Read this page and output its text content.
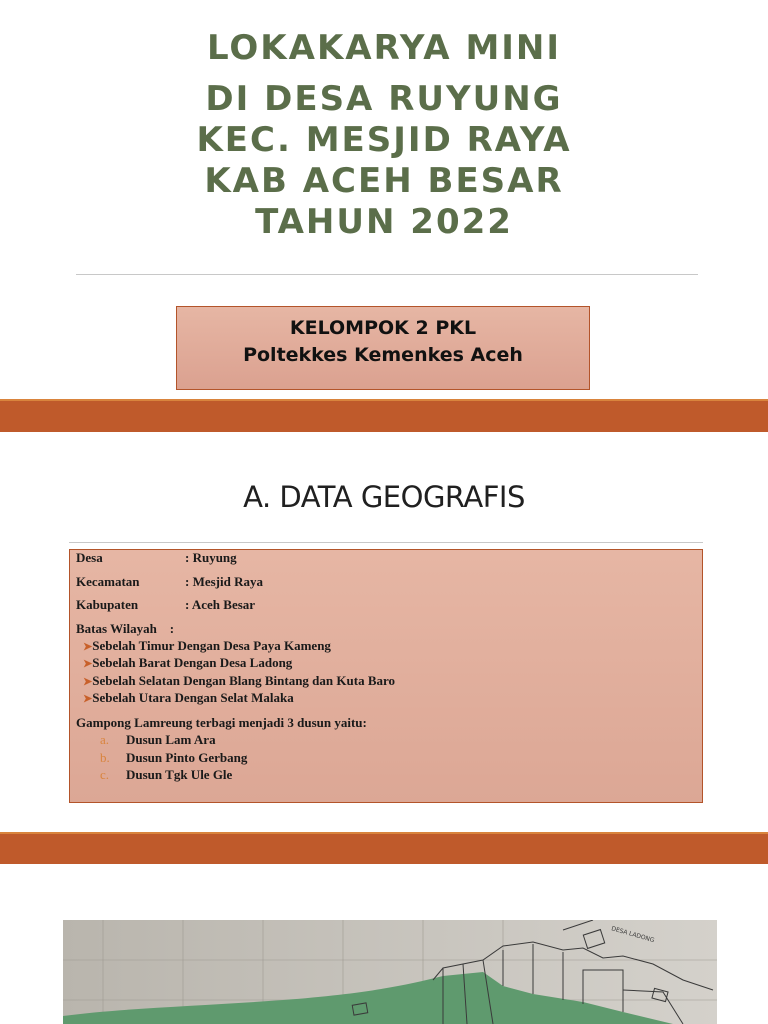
LOKAKARYA MINI
DI DESA RUYUNG
KEC. MESJID RAYA
KAB ACEH BESAR
TAHUN 2022
KELOMPOK 2 PKL
Poltekkes Kemenkes Aceh
A. DATA GEOGRAFIS
Desa	: Ruyung
Kecamatan	: Mesjid Raya
Kabupaten	: Aceh Besar
Batas Wilayah    :
➤Sebelah Timur Dengan Desa Paya Kameng
➤Sebelah Barat Dengan Desa Ladong
➤Sebelah Selatan Dengan Blang Bintang dan Kuta Baro
➤Sebelah Utara Dengan Selat Malaka
Gampong Lamreung terbagi menjadi 3 dusun yaitu:
a. Dusun Lam Ara
b. Dusun Pinto Gerbang
c. Dusun Tgk Ule Gle
DESA LADONG
